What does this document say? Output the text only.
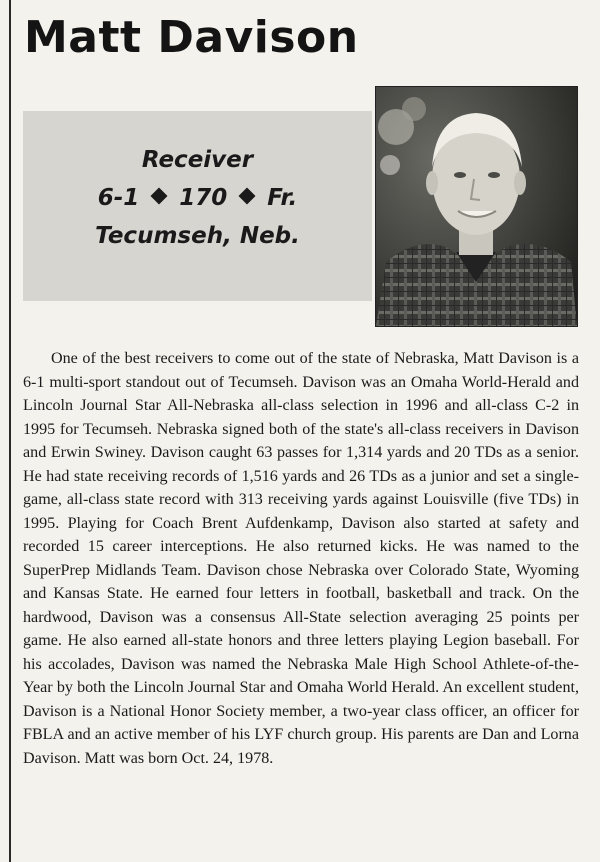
Matt Davison
Receiver
6-1 170 Fr.
Tecumseh, Neb.

One of the best receivers to come out of the state of Nebraska, Matt Davison is a 6-1 multi-sport standout out of Tecumseh. Davison was an Omaha World-Herald and Lincoln Journal Star All-Nebraska all-class selection in 1996 and all-class C-2 in 1995 for Tecumseh. Nebraska signed both of the state's all-class receivers in Davison and Erwin Swiney. Davison caught 63 passes for 1,314 yards and 20 TDs as a senior. He had state receiving records of 1,516 yards and 26 TDs as a junior and set a single-game, all-class state record with 313 receiving yards against Louisville (five TDs) in 1995. Playing for Coach Brent Aufdenkamp, Davison also started at safety and recorded 15 career interceptions. He also returned kicks. He was named to the SuperPrep Midlands Team. Davison chose Nebraska over Colorado State, Wyoming and Kansas State. He earned four letters in football, basketball and track. On the hardwood, Davison was a consensus All-State selection averaging 25 points per game. He also earned all-state honors and three letters playing Legion baseball. For his accolades, Davison was named the Nebraska Male High School Athlete-of-the-Year by both the Lincoln Journal Star and Omaha World Herald. An excellent student, Davison is a National Honor Society member, a two-year class officer, an officer for FBLA and an active member of his LYF church group. His parents are Dan and Lorna Davison. Matt was born Oct. 24, 1978.
